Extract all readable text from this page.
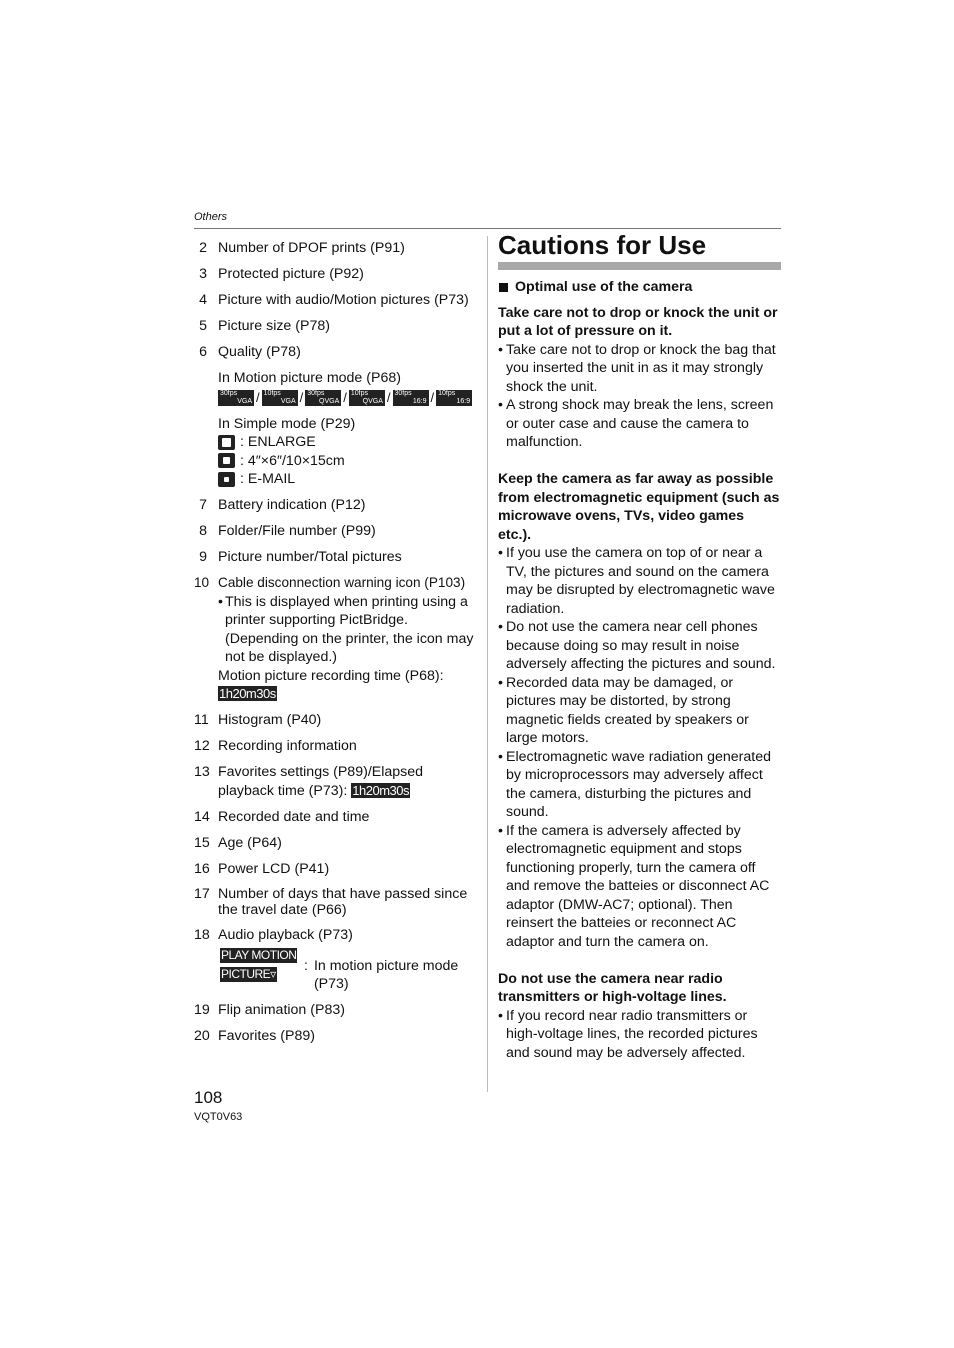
Others
2 Number of DPOF prints (P91)
3 Protected picture (P92)
4 Picture with audio/Motion pictures (P73)
5 Picture size (P78)
6 Quality (P78)
In Motion picture mode (P68)
30fps
VGA / 10fps
VGA / 30fps
QVGA / 10fps
QVGA / 30fps
16:9 / 10fps
16:9
In Simple mode (P29)
: ENLARGE
: 4″×6″/10×15cm
: E-MAIL
7 Battery indication (P12)
8 Folder/File number (P99)
9 Picture number/Total pictures
10 Cable disconnection warning icon (P103)
• This is displayed when printing using a printer supporting PictBridge. (Depending on the printer, the icon may not be displayed.)
Motion picture recording time (P68):
1h20m30s
11 Histogram (P40)
12 Recording information
13 Favorites settings (P89)/Elapsed playback time (P73): 1h20m30s
14 Recorded date and time
15 Age (P64)
16 Power LCD (P41)
17 Number of days that have passed since the travel date (P66)
18 Audio playback (P73)
PLAY MOTION
PICTURE▿	: In motion picture mode (P73)
19 Flip animation (P83)
20 Favorites (P89)
108
VQT0V63
Cautions for Use
Optimal use of the camera
Take care not to drop or knock the unit or put a lot of pressure on it.
• Take care not to drop or knock the bag that you inserted the unit in as it may strongly shock the unit.
• A strong shock may break the lens, screen or outer case and cause the camera to malfunction.
Keep the camera as far away as possible from electromagnetic equipment (such as microwave ovens, TVs, video games etc.).
• If you use the camera on top of or near a TV, the pictures and sound on the camera may be disrupted by electromagnetic wave radiation.
• Do not use the camera near cell phones because doing so may result in noise adversely affecting the pictures and sound.
• Recorded data may be damaged, or pictures may be distorted, by strong magnetic fields created by speakers or large motors.
• Electromagnetic wave radiation generated by microprocessors may adversely affect the camera, disturbing the pictures and sound.
• If the camera is adversely affected by electromagnetic equipment and stops functioning properly, turn the camera off and remove the batteies or disconnect AC adaptor (DMW-AC7; optional). Then reinsert the batteies or reconnect AC adaptor and turn the camera on.
Do not use the camera near radio transmitters or high-voltage lines.
• If you record near radio transmitters or high-voltage lines, the recorded pictures and sound may be adversely affected.
